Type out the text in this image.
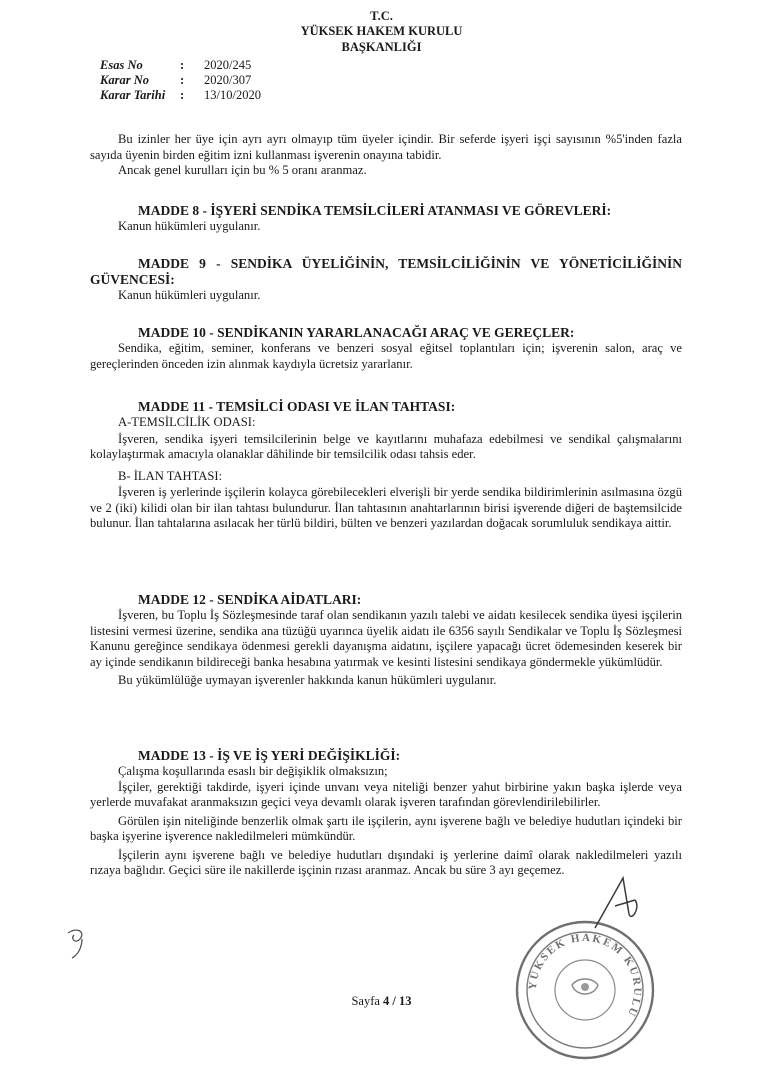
T.C.
YÜKSEK HAKEM KURULU
BAŞKANLIĞI
Esas No	:	2020/245
Karar No	:	2020/307
Karar Tarihi	:	13/10/2020

Bu izinler her üye için ayrı ayrı olmayıp tüm üyeler içindir. Bir seferde işyeri işçi sayısının %5'inden fazla sayıda üyenin birden eğitim izni kullanması işverenin onayına tabidir.

Ancak genel kurulları için bu % 5 oranı aranmaz.

MADDE 8 - İŞYERİ SENDİKA TEMSİLCİLERİ ATANMASI VE GÖREVLERİ:

Kanun hükümleri uygulanır.

MADDE 9 - SENDİKA ÜYELİĞİNİN, TEMSİLCİLİĞİNİN VE YÖNETİCİLİĞİNİN GÜVENCESİ:

Kanun hükümleri uygulanır.

MADDE 10 - SENDİKANIN YARARLANACAĞI ARAÇ VE GEREÇLER:

Sendika, eğitim, seminer, konferans ve benzeri sosyal eğitsel toplantıları için; işverenin salon, araç ve gereçlerinden önceden izin alınmak kaydıyla ücretsiz yararlanır.

MADDE 11 - TEMSİLCİ ODASI VE İLAN TAHTASI:

A-TEMSİLCİLİK ODASI:

İşveren, sendika işyeri temsilcilerinin belge ve kayıtlarını muhafaza edebilmesi ve sendikal çalışmalarını kolaylaştırmak amacıyla olanaklar dâhilinde bir temsilcilik odası tahsis eder.

B- İLAN TAHTASI:

İşveren iş yerlerinde işçilerin kolayca görebilecekleri elverişli bir yerde sendika bildirimlerinin asılmasına özgü ve 2 (iki) kilidi olan bir ilan tahtası bulundurur. İlan tahtasının anahtarlarının birisi işverende diğeri de baştemsilcide bulunur. İlan tahtalarına asılacak her türlü bildiri, bülten ve benzeri yazılardan doğacak sorumluluk sendikaya aittir.

MADDE 12 - SENDİKA AİDATLARI:

İşveren, bu Toplu İş Sözleşmesinde taraf olan sendikanın yazılı talebi ve aidatı kesilecek sendika üyesi işçilerin listesini vermesi üzerine, sendika ana tüzüğü uyarınca üyelik aidatı ile 6356 sayılı Sendikalar ve Toplu İş Sözleşmesi Kanunu gereğince sendikaya ödenmesi gerekli dayanışma aidatını, işçilere yapacağı ücret ödemesinden keserek bir ay içinde sendikanın bildireceği banka hesabına yatırmak ve kesinti listesini sendikaya göndermekle yükümlüdür.

Bu yükümlülüğe uymayan işverenler hakkında kanun hükümleri uygulanır.

MADDE 13 - İŞ VE İŞ YERİ DEĞİŞİKLİĞİ:

Çalışma koşullarında esaslı bir değişiklik olmaksızın;

İşçiler, gerektiği takdirde, işyeri içinde unvanı veya niteliği benzer yahut birbirine yakın başka işlerde veya yerlerde muvafakat aranmaksızın geçici veya devamlı olarak işveren tarafından görevlendirilebilirler.

Görülen işin niteliğinde benzerlik olmak şartı ile işçilerin, aynı işverene bağlı ve belediye hudutları içindeki bir başka işyerine işverence nakledilmeleri mümkündür.

İşçilerin aynı işverene bağlı ve belediye hudutları dışındaki iş yerlerine daimî olarak nakledilmeleri yazılı rızaya bağlıdır. Geçici süre ile nakillerde işçinin rızası aranmaz. Ancak bu süre 3 ayı geçemez.

YÜKSEK HAKEM KURULU
Sayfa 4 / 13
